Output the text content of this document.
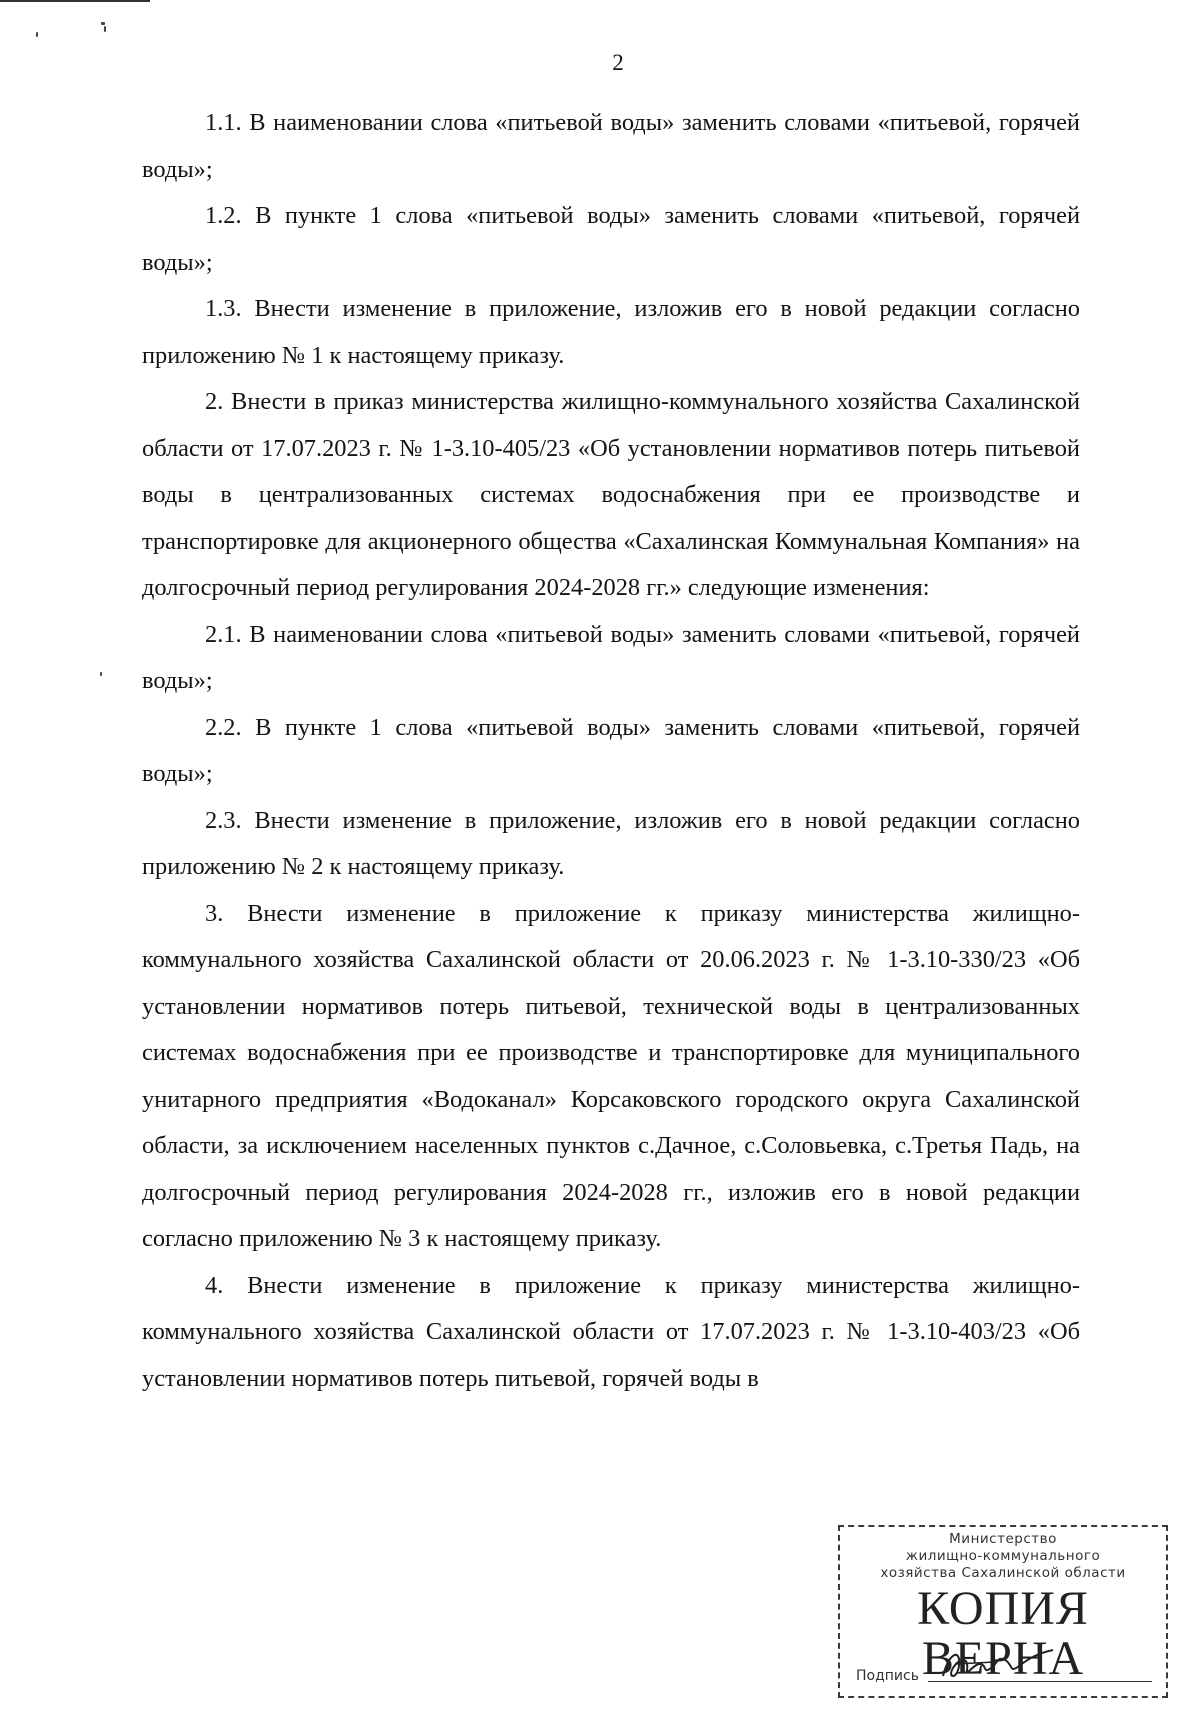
2

1.1. В наименовании слова «питьевой воды» заменить словами «питьевой, горячей воды»;

1.2. В пункте 1 слова «питьевой воды» заменить словами «питьевой, горячей воды»;

1.3. Внести изменение в приложение, изложив его в новой редакции согласно приложению № 1 к настоящему приказу.

2. Внести в приказ министерства жилищно-коммунального хозяйства Сахалинской области от 17.07.2023 г. № 1-3.10-405/23 «Об установлении нормативов потерь питьевой воды в централизованных системах водоснабжения при ее производстве и транспортировке для акционерного общества «Сахалинская Коммунальная Компания» на долгосрочный период регулирования 2024-2028 гг.» следующие изменения:

2.1. В наименовании слова «питьевой воды» заменить словами «питьевой, горячей воды»;

2.2. В пункте 1 слова «питьевой воды» заменить словами «питьевой, горячей воды»;

2.3. Внести изменение в приложение, изложив его в новой редакции согласно приложению № 2 к настоящему приказу.

3. Внести изменение в приложение к приказу министерства жилищно-коммунального хозяйства Сахалинской области от 20.06.2023 г. № 1-3.10-330/23 «Об установлении нормативов потерь питьевой, технической воды в централизованных системах водоснабжения при ее производстве и транспортировке для муниципального унитарного предприятия «Водоканал» Корсаковского городского округа Сахалинской области, за исключением населенных пунктов с.Дачное, с.Соловьевка, с.Третья Падь, на долгосрочный период регулирования 2024-2028 гг., изложив его в новой редакции согласно приложению № 3 к настоящему приказу.

4. Внести изменение в приложение к приказу министерства жилищно-коммунального хозяйства Сахалинской области от 17.07.2023 г. № 1-3.10-403/23 «Об установлении нормативов потерь питьевой, горячей воды в

Министерство
жилищно-коммунального
хозяйства Сахалинской области
КОПИЯ ВЕРНА
Подпись
